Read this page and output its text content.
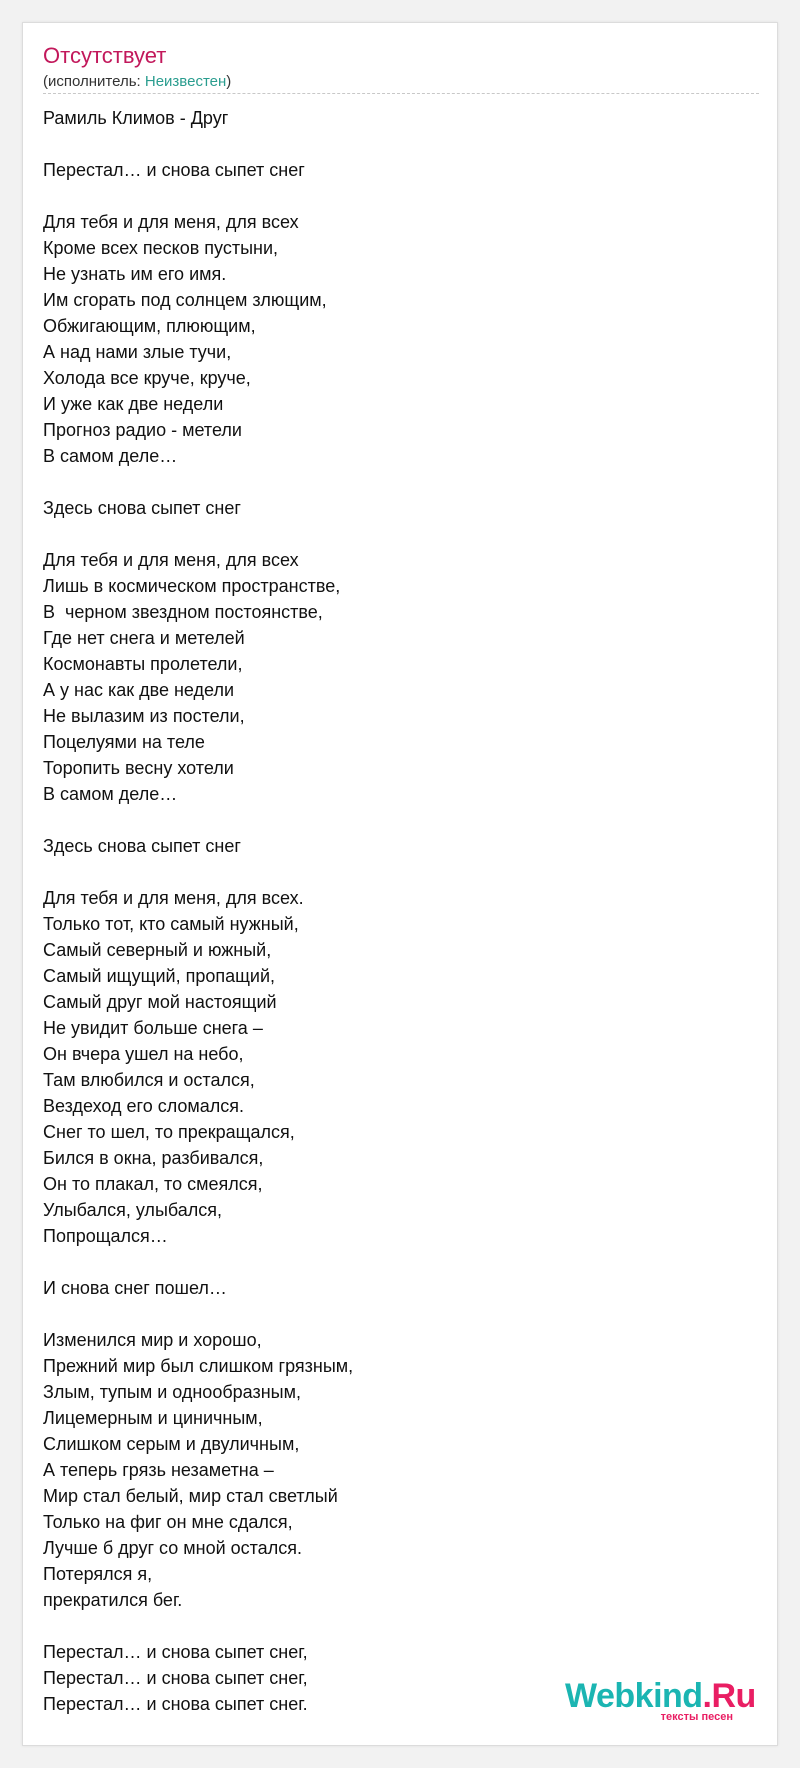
Отсутствует
(исполнитель: Неизвестен)
Рамиль Климов - Друг
Перестал… и снова сыпет снег
Для тебя и для меня, для всех
Кроме всех песков пустыни,
Не узнать им его имя.
Им сгорать под солнцем злющим,
Обжигающим, плюющим,
А над нами злые тучи,
Холода все круче, круче,
И уже как две недели
Прогноз радио - метели
В самом деле…
Здесь снова сыпет снег
Для тебя и для меня, для всех
Лишь в космическом пространстве,
В  черном звездном постоянстве,
Где нет снега и метелей
Космонавты пролетели,
А у нас как две недели
Не вылазим из постели,
Поцелуями на теле
Торопить весну хотели
В самом деле…
Здесь снова сыпет снег
Для тебя и для меня, для всех.
Только тот, кто самый нужный,
Самый северный и южный,
Самый ищущий, пропащий,
Самый друг мой настоящий
Не увидит больше снега –
Он вчера ушел на небо,
Там влюбился и остался,
Вездеход его сломался.
Снег то шел, то прекращался,
Бился в окна, разбивался,
Он то плакал, то смеялся,
Улыбался, улыбался,
Попрощался…
И снова снег пошел…
Изменился мир и хорошо,
Прежний мир был слишком грязным,
Злым, тупым и однообразным,
Лицемерным и циничным,
Слишком серым и двуличным,
А теперь грязь незаметна –
Мир стал белый, мир стал светлый
Только на фиг он мне сдался,
Лучше б друг со мной остался.
Потерялся я,
прекратился бег.
Перестал… и снова сыпет снег,
Перестал… и снова сыпет снег,
Перестал… и снова сыпет снег.	Webkind.Ru
тексты песен
